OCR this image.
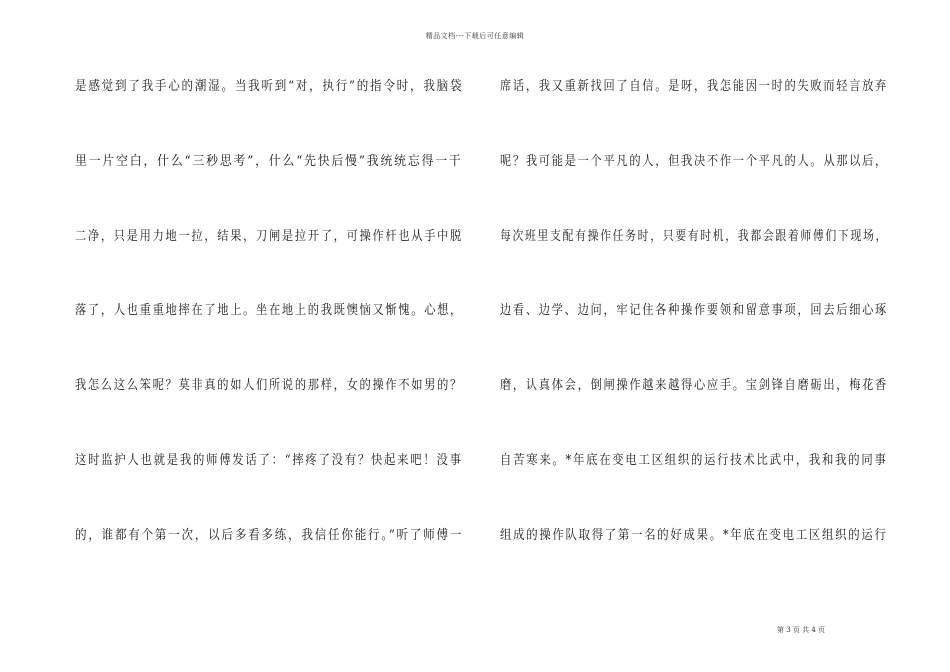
精品文档---下载后可任意编辑
是感觉到了我手心的潮湿。当我听到“对，执行”的指令时，我脑袋
里一片空白，什么“三秒思考”，什么“先快后慢”我统统忘得一干
二净，只是用力地一拉，结果，刀闸是拉开了，可操作杆也从手中脱
落了，人也重重地摔在了地上。坐在地上的我既懊恼又惭愧。心想，
我怎么这么笨呢？莫非真的如人们所说的那样，女的操作不如男的？
这时监护人也就是我的师傅发话了：“摔疼了没有？快起来吧！没事
的，谁都有个第一次，以后多看多练，我信任你能行。”听了师傅一
席话，我又重新找回了自信。是呀，我怎能因一时的失败而轻言放弃
呢？我可能是一个平凡的人，但我决不作一个平凡的人。从那以后，
每次班里支配有操作任务时，只要有时机，我都会跟着师傅们下现场，
边看、边学、边问，牢记住各种操作要领和留意事项，回去后细心琢
磨，认真体会，倒闸操作越来越得心应手。宝剑锋自磨砺出，梅花香
自苦寒来。*年底在变电工区组织的运行技术比武中，我和我的同事
组成的操作队取得了第一名的好成果。*年底在变电工区组织的运行
第 3 页 共 4 页
